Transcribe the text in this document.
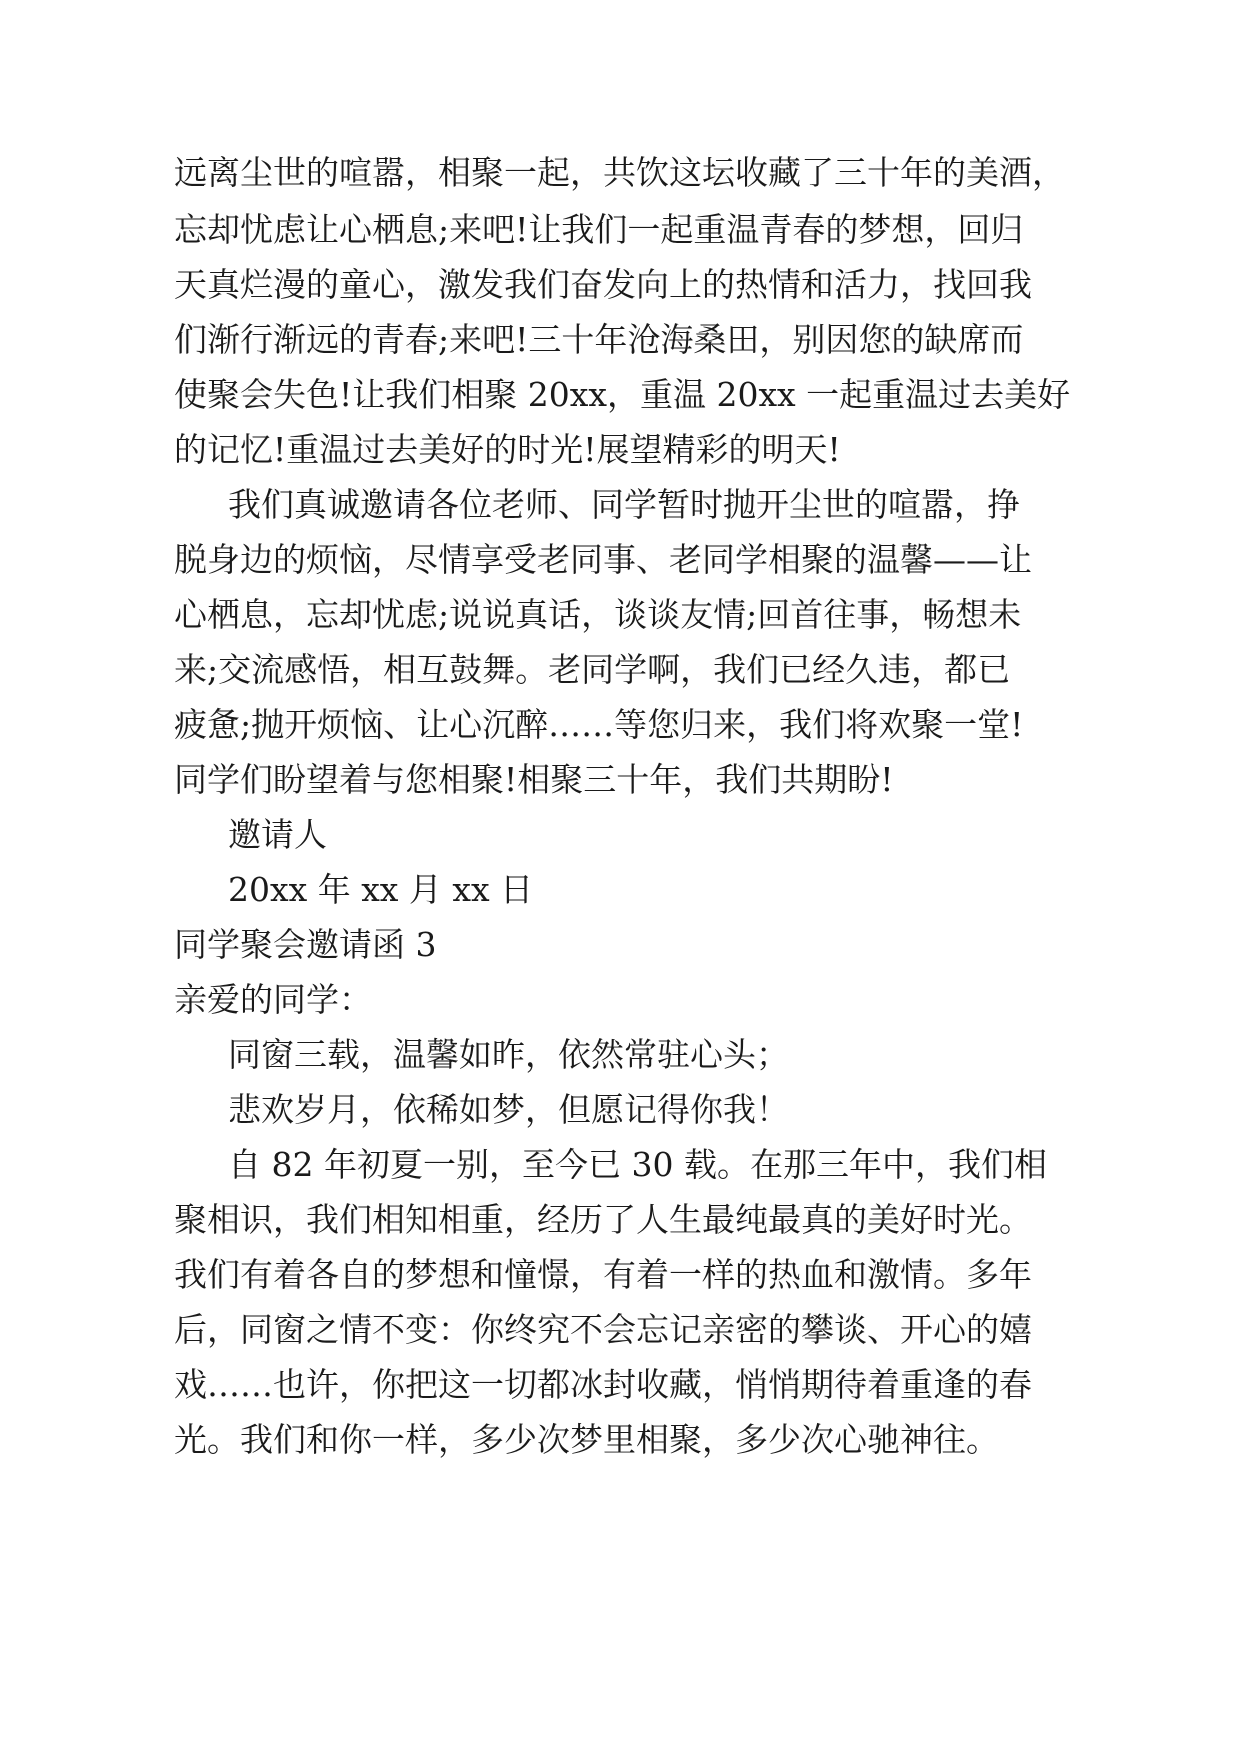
远离尘世的喧嚣，相聚一起，共饮这坛收藏了三十年的美酒，

忘却忧虑让心栖息;来吧!让我们一起重温青春的梦想，回归

天真烂漫的童心，激发我们奋发向上的热情和活力，找回我

们渐行渐远的青春;来吧!三十年沧海桑田，别因您的缺席而

使聚会失色!让我们相聚 20xx，重温 20xx 一起重温过去美好

的记忆!重温过去美好的时光!展望精彩的明天!

我们真诚邀请各位老师、同学暂时抛开尘世的喧嚣，挣

脱身边的烦恼，尽情享受老同事、老同学相聚的温馨——让

心栖息，忘却忧虑;说说真话，谈谈友情;回首往事，畅想未

来;交流感悟，相互鼓舞。老同学啊，我们已经久违，都已

疲惫;抛开烦恼、让心沉醉……等您归来，我们将欢聚一堂!

同学们盼望着与您相聚!相聚三十年，我们共期盼!

邀请人

20xx 年 xx 月 xx 日

同学聚会邀请函 3

亲爱的同学：

同窗三载，温馨如昨，依然常驻心头；

悲欢岁月，依稀如梦，但愿记得你我！

自 82 年初夏一别，至今已 30 载。在那三年中，我们相

聚相识，我们相知相重，经历了人生最纯最真的美好时光。

我们有着各自的梦想和憧憬，有着一样的热血和激情。多年

后，同窗之情不变：你终究不会忘记亲密的攀谈、开心的嬉

戏……也许，你把这一切都冰封收藏，悄悄期待着重逢的春

光。我们和你一样，多少次梦里相聚，多少次心驰神往。
